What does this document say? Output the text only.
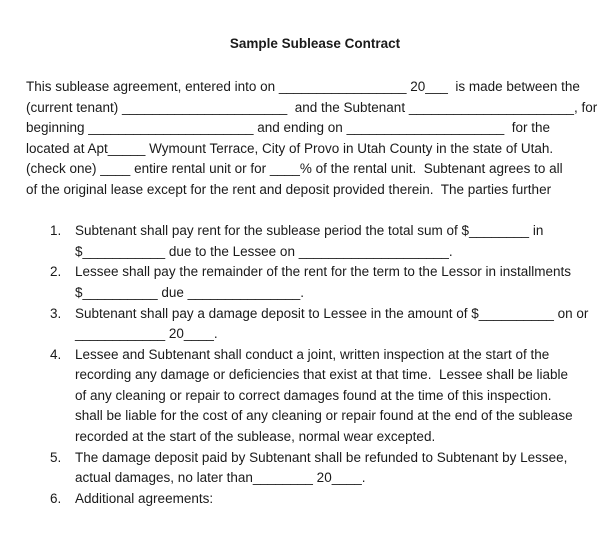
Sample Sublease Contract
This sublease agreement, entered into on _________________ 20___  is made between the
(current tenant) ______________________  and the Subtenant ______________________, for
beginning ______________________ and ending on _____________________  for the
located at Apt_____ Wymount Terrace, City of Provo in Utah County in the state of Utah.
(check one) ____ entire rental unit or for ____% of the rental unit.  Subtenant agrees to all
of the original lease except for the rent and deposit provided therein.  The parties further
1. Subtenant shall pay rent for the sublease period the total sum of $________ in
$___________ due to the Lessee on ____________________.
2. Lessee shall pay the remainder of the rent for the term to the Lessor in installments
$__________ due _______________.
3. Subtenant shall pay a damage deposit to Lessee in the amount of $__________ on or
____________ 20____.
4. Lessee and Subtenant shall conduct a joint, written inspection at the start of the
recording any damage or deficiencies that exist at that time.  Lessee shall be liable
of any cleaning or repair to correct damages found at the time of this inspection.
shall be liable for the cost of any cleaning or repair found at the end of the sublease
recorded at the start of the sublease, normal wear excepted.
5. The damage deposit paid by Subtenant shall be refunded to Subtenant by Lessee,
actual damages, no later than________ 20____.
6. Additional agreements:
